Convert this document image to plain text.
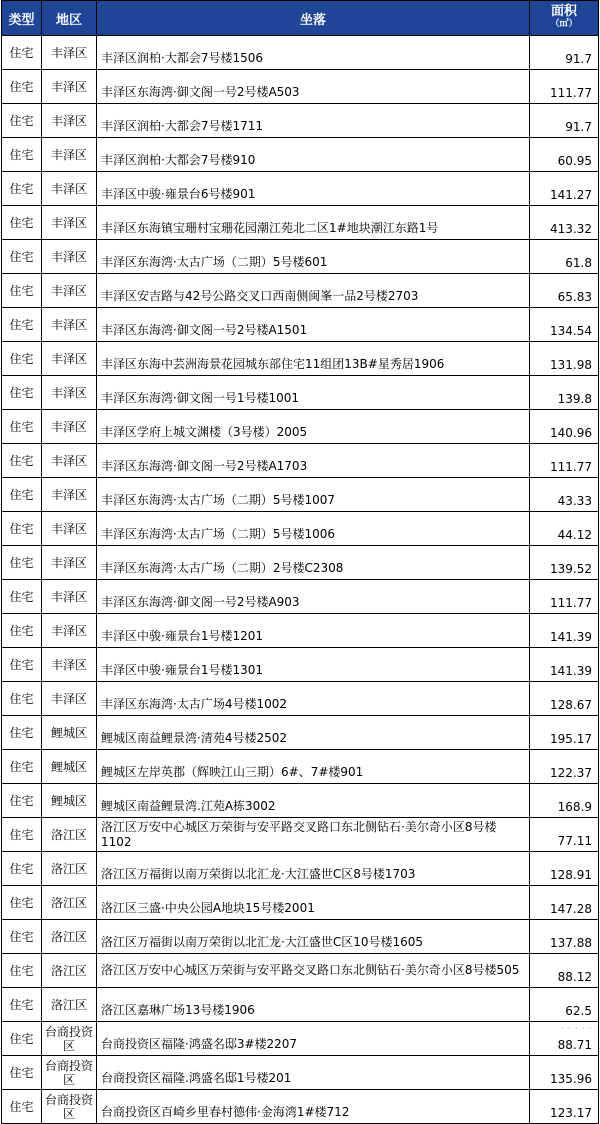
类型	地区	坐落	面积
（㎡）

住宅	丰泽区	丰泽区润柏·大都会7号楼1506	91.7
住宅	丰泽区	丰泽区东海湾·御文阁一号2号楼A503	111.77
住宅	丰泽区	丰泽区润柏·大都会7号楼1711	91.7
住宅	丰泽区	丰泽区润柏·大都会7号楼910	60.95
住宅	丰泽区	丰泽区中骏·雍景台6号楼901	141.27
住宅	丰泽区	丰泽区东海镇宝珊村宝珊花园潮江苑北二区1#地块潮江东路1号	413.32
住宅	丰泽区	丰泽区东海湾·太古广场（二期）5号楼601	61.8
住宅	丰泽区	丰泽区安吉路与42号公路交叉口西南侧闽峯一品2号楼2703	65.83
住宅	丰泽区	丰泽区东海湾·御文阁一号2号楼A1501	134.54
住宅	丰泽区	丰泽区东海中芸洲海景花园城东部住宅11组团13B#星秀居1906	131.98
住宅	丰泽区	丰泽区东海湾·御文阁一号1号楼1001	139.8
住宅	丰泽区	丰泽区学府上城文渊楼（3号楼）2005	140.96
住宅	丰泽区	丰泽区东海湾·御文阁一号2号楼A1703	111.77
住宅	丰泽区	丰泽区东海湾·太古广场（二期）5号楼1007	43.33
住宅	丰泽区	丰泽区东海湾·太古广场（二期）5号楼1006	44.12
住宅	丰泽区	丰泽区东海湾·太古广场（二期）2号楼C2308	139.52
住宅	丰泽区	丰泽区东海湾·御文阁一号2号楼A903	111.77
住宅	丰泽区	丰泽区中骏·雍景台1号楼1201	141.39
住宅	丰泽区	丰泽区中骏·雍景台1号楼1301	141.39
住宅	丰泽区	丰泽区东海湾·太古广场4号楼1002	128.67
住宅	鲤城区	鲤城区南益鲤景湾·清苑4号楼2502	195.17
住宅	鲤城区	鲤城区左岸英郡（辉映江山三期）6#、7#楼901	122.37
住宅	鲤城区	鲤城区南益鲤景湾.江苑A栋3002	168.9
住宅	洛江区	洛江区万安中心城区万荣街与安平路交叉路口东北侧钻石·美尔奇小区8号楼1102	77.11
住宅	洛江区	洛江区万福街以南万荣街以北汇龙·大江盛世C区8号楼1703	128.91
住宅	洛江区	洛江区三盛·中央公园A地块15号楼2001	147.28
住宅	洛江区	洛江区万福街以南万荣街以北汇龙·大江盛世C区10号楼1605	137.88
住宅	洛江区	洛江区万安中心城区万荣街与安平路交叉路口东北侧钻石·美尔奇小区8号楼505	88.12
住宅	洛江区	洛江区嘉琳广场13号楼1906	62.5
住宅	台商投资区	台商投资区福隆·鸿盛名邸3#楼2207	88.71
住宅	台商投资区	台商投资区福隆.鸿盛名邸1号楼201	135.96
住宅	台商投资区	台商投资区百崎乡里春村德伟·金海湾1#楼712	123.17
· · · · ·
